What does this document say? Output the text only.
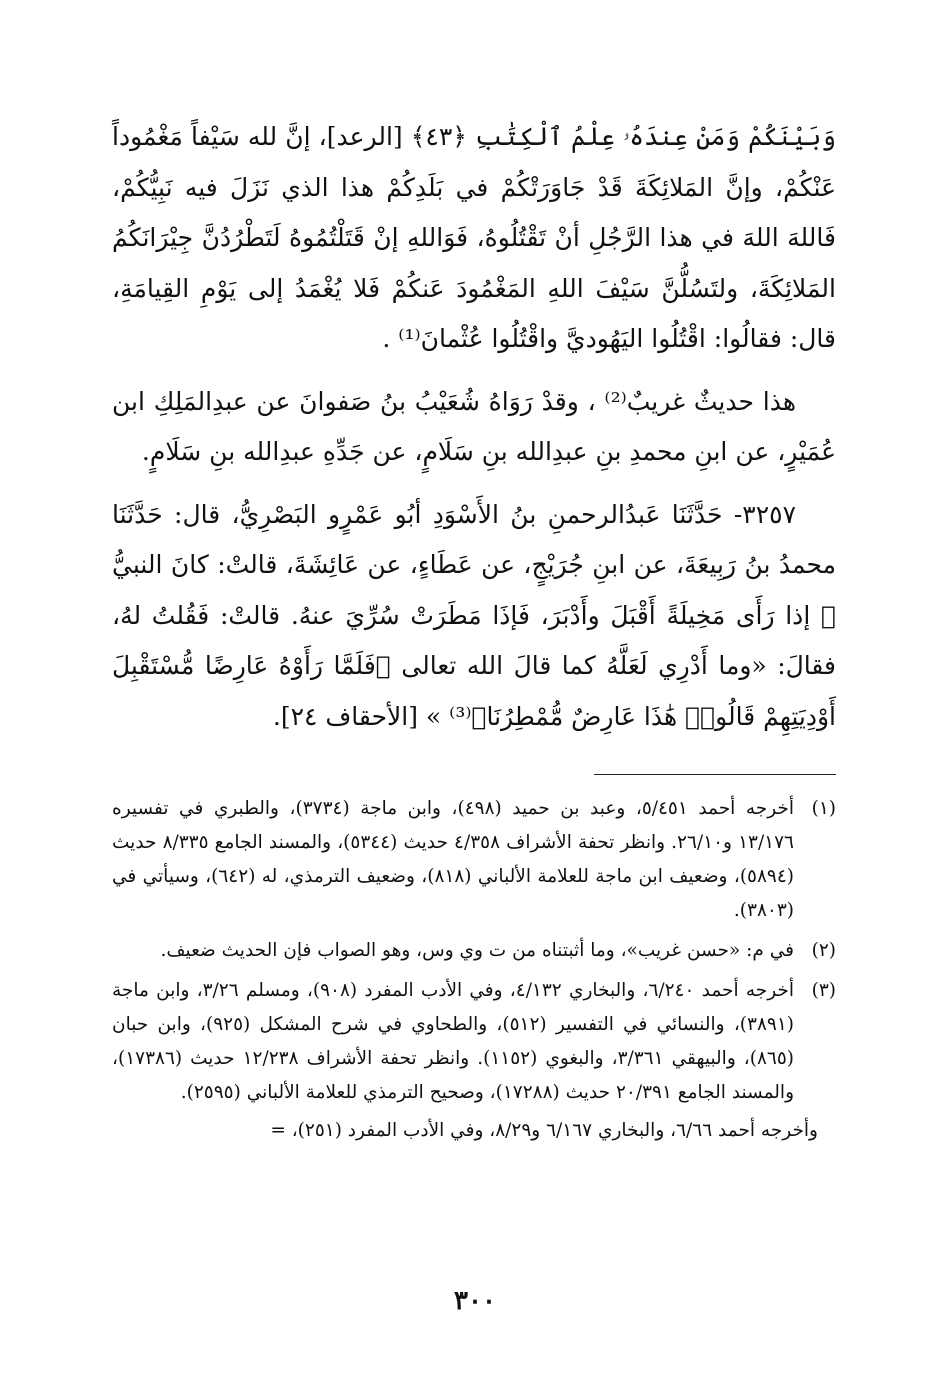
وَبَيْنَكُمْ وَمَنْ عِندَهُۥ عِلْمُ ٱلْكِتَٰبِ ﴿٤٣﴾ [الرعد]، إنَّ لله سَيْفاً مَغْمُوداً عَنْكُمْ، وإنَّ المَلائِكَةَ قَدْ جَاوَرَتْكُمْ في بَلَدِكُمْ هذا الذي نَزَلَ فيه نَبِيُّكُمْ، فَاللهَ اللهَ في هذا الرَّجُلِ أنْ تَقْتُلُوهُ، فَوَاللهِ إنْ قَتَلْتُمُوهُ لَتَطْرُدُنَّ جِيْرَانَكُمُ المَلائِكَةَ، ولتَسُلُّنَّ سَيْفَ اللهِ المَغْمُودَ عَنكُمْ فَلا يُغْمَدُ إلى يَوْمِ القِيامَةِ، قال: فقالُوا: اقْتُلُوا اليَهُوديَّ واقْتُلُوا عُثْمانَ⁽¹⁾ .

هذا حديثٌ غريبٌ⁽²⁾ ، وقدْ رَوَاهُ شُعَيْبُ بنُ صَفوانَ عن عبدِالمَلِكِ ابن عُمَيْرٍ، عن ابنِ محمدِ بنِ عبدِالله بنِ سَلَامٍ، عن جَدِّهِ عبدِالله بنِ سَلَامٍ.

٣٢٥٧- حَدَّثَنَا عَبدُالرحمنِ بنُ الأَسْوَدِ أبُو عَمْرٍو البَصْرِيُّ، قال: حَدَّثَنَا محمدُ بنُ رَبِيعَةَ، عن ابنِ جُرَيْجٍ، عن عَطَاءٍ، عن عَائِشَةَ، قالتْ: كانَ النبيُّ ﷺ إذا رَأَى مَخِيلَةً أَقْبَلَ وأَدْبَرَ، فَإذَا مَطَرَتْ سُرِّيَ عنهُ. قالتْ: فَقُلتُ لهُ، فقالَ: «وما أَدْرِي لَعَلَّهُ كما قالَ الله تعالى ﴿فَلَمَّا رَأَوْهُ عَارِضًا مُّسْتَقْبِلَ أَوْدِيَتِهِمْ قَالُوا۟ هَٰذَا عَارِضٌ مُّمْطِرُنَا﴾⁽³⁾ » [الأحقاف ٢٤].

(١)
أخرجه أحمد ٥/٤٥١، وعبد بن حميد (٤٩٨)، وابن ماجة (٣٧٣٤)، والطبري في تفسيره ١٣/١٧٦ و٢٦/١٠. وانظر تحفة الأشراف ٤/٣٥٨ حديث (٥٣٤٤)، والمسند الجامع ٨/٣٣٥ حديث (٥٨٩٤)، وضعيف ابن ماجة للعلامة الألباني (٨١٨)، وضعيف الترمذي، له (٦٤٢)، وسيأتي في (٣٨٠٣).
(٢)
في م: «حسن غريب»، وما أثبتناه من ت وي وس، وهو الصواب فإن الحديث ضعيف.
(٣)
أخرجه أحمد ٦/٢٤٠، والبخاري ٤/١٣٢، وفي الأدب المفرد (٩٠٨)، ومسلم ٣/٢٦، وابن ماجة (٣٨٩١)، والنسائي في التفسير (٥١٢)، والطحاوي في شرح المشكل (٩٢٥)، وابن حبان (٨٦٥)، والبيهقي ٣/٣٦١، والبغوي (١١٥٢). وانظر تحفة الأشراف ١٢/٢٣٨ حديث (١٧٣٨٦)، والمسند الجامع ٢٠/٣٩١ حديث (١٧٢٨٨)، وصحيح الترمذي للعلامة الألباني (٢٥٩٥).
وأخرجه أحمد ٦/٦٦، والبخاري ٦/١٦٧ و٨/٢٩، وفي الأدب المفرد (٢٥١)، =
٣٠٠
